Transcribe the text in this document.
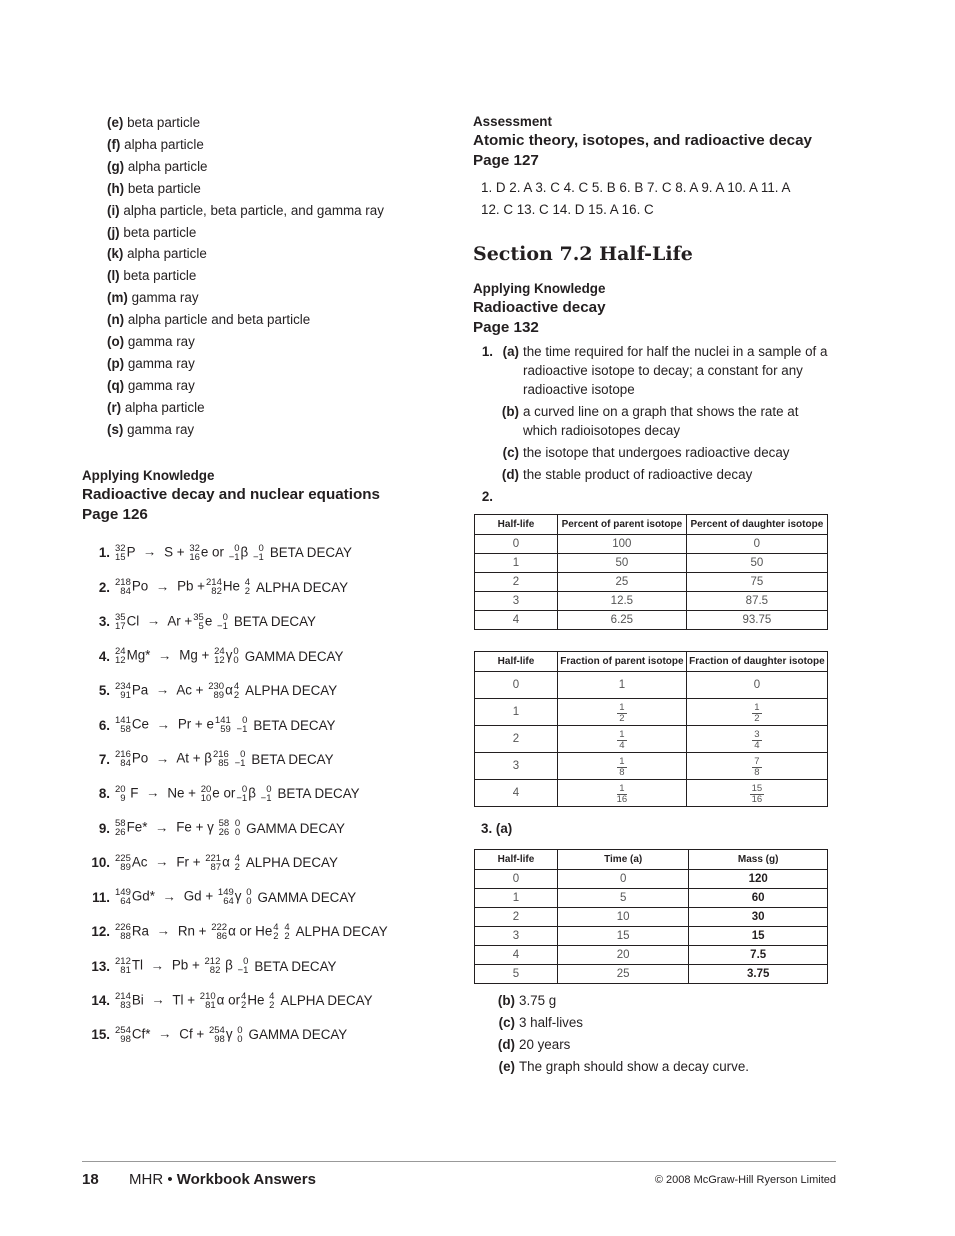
(e) beta particle
(f) alpha particle
(g) alpha particle
(h) beta particle
(i) alpha particle, beta particle, and gamma ray
(j) beta particle
(k) alpha particle
(l) beta particle
(m) gamma ray
(n) alpha particle and beta particle
(o) gamma ray
(p) gamma ray
(q) gamma ray
(r) alpha particle
(s) gamma ray
Applying Knowledge
Radioactive decay and nuclear equations
Page 126
1. 32
15 P → S + 32
16 e or 0
−1 β 0
−1 BETA DECAY
2. 218
84 Po → Pb + 214
82 He 4
2 ALPHA DECAY
3. 35
17 Cl → Ar + 35
5 e 0
−1 BETA DECAY
4. 24
12 Mg* → Mg + 24
12 γ 0
0 GAMMA DECAY
5. 234
91 Pa → Ac + 230
89 α 4
2 ALPHA DECAY
6. 141
58 Ce → Pr + e 141
59

0
−1 BETA DECAY
7. 216
84 Po → At + β 216
85

0
−1 BETA DECAY
8. 20
9 F → Ne + 20
10 e or 0
−1 β 0
−1 BETA DECAY
9. 58
26 Fe* → Fe + γ 58
26

0
0 GAMMA DECAY
10. 225
89 Ac → Fr + 221
87 α 4
2 ALPHA DECAY
11. 149
64 Gd* → Gd + 149
64 γ 0
0 GAMMA DECAY
12. 226
88 Ra → Rn + 222
86 α or He 4
2

4
2 ALPHA DECAY
13. 212
81 Tl → Pb + 212
82 β 0
−1 BETA DECAY
14. 214
83 Bi → Tl + 210
81 α or 4
2 He 4
2 ALPHA DECAY
15. 254
98 Cf* → Cf + 254
98 γ 0
0 GAMMA DECAY
Assessment
Atomic theory, isotopes, and radioactive decay
Page 127
1. D 2. A 3. C 4. C 5. B 6. B 7. C 8. A 9. A 10. A 11. A
12. C 13. C 14. D 15. A 16. C
Section 7.2 Half-Life
Applying Knowledge
Radioactive decay
Page 132
1. (a) the time required for half the nuclei in a sample of a radioactive isotope to decay; a constant for any radioactive isotope
(b) a curved line on a graph that shows the rate at which radioisotopes decay
(c) the isotope that undergoes radioactive decay
(d) the stable product of radioactive decay
2.
Half-life	Percent of parent isotope	Percent of daughter isotope
0	100	0
1	50	50
2	25	75
3	12.5	87.5
4	6.25	93.75
Half-life	Fraction of parent isotope	Fraction of daughter isotope
0	1	0
1	$\frac{1}{2}$	$\frac{1}{2}$

2	$\frac{1}{4}$	$\frac{3}{4}$

3	$\frac{1}{8}$	$\frac{7}{8}$

4	$\frac{1}{16}$	$\frac{15}{16}$
3. (a)
Half-life	Time (a)	Mass (g)
0	0	120
1	5	60
2	10	30
3	15	15
4	20	7.5
5	25	3.75
(b) 3.75 g
(c) 3 half-lives
(d) 20 years
(e) The graph should show a decay curve.
18 MHR • Workbook Answers	© 2008 McGraw-Hill Ryerson Limited
